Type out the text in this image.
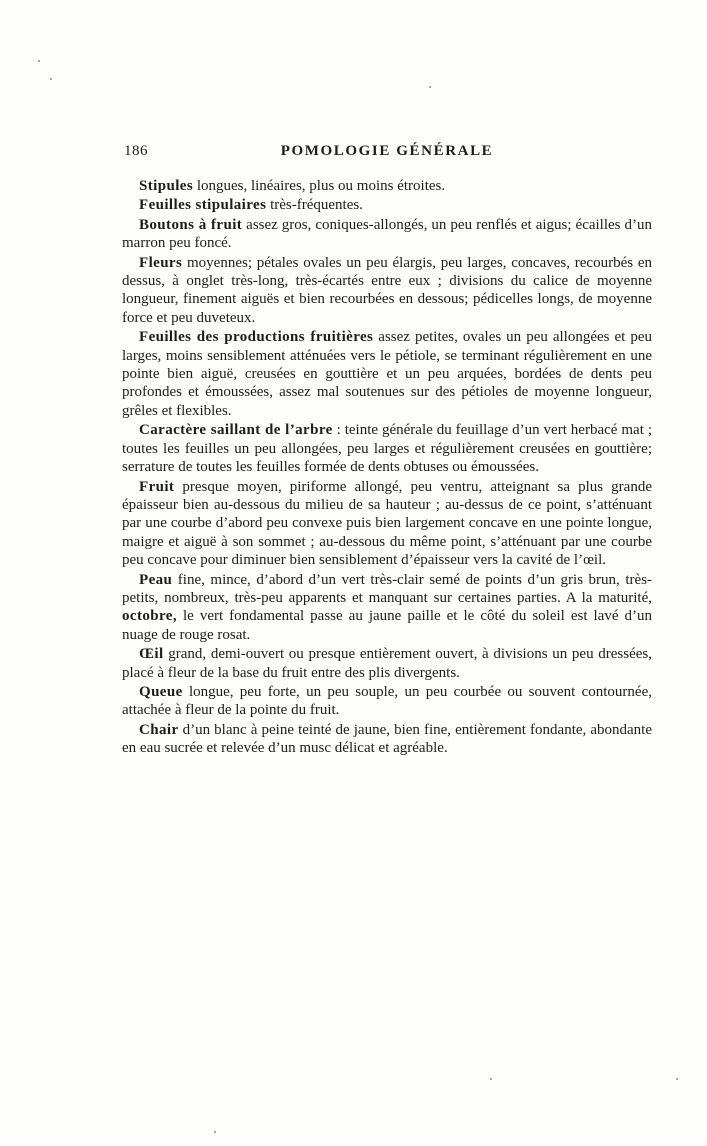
186	POMOLOGIE GÉNÉRALE

Stipules longues, linéaires, plus ou moins étroites.

Feuilles stipulaires très-fréquentes.

Boutons à fruit assez gros, coniques-allongés, un peu renflés et aigus; écailles d’un marron peu foncé.

Fleurs moyennes; pétales ovales un peu élargis, peu larges, concaves, recourbés en dessus, à onglet très-long, très-écartés entre eux ; divisions du calice de moyenne longueur, finement aiguës et bien recourbées en dessous; pédicelles longs, de moyenne force et peu duveteux.

Feuilles des productions fruitières assez petites, ovales un peu allongées et peu larges, moins sensiblement atténuées vers le pétiole, se terminant régulièrement en une pointe bien aiguë, creusées en gouttière et un peu arquées, bordées de dents peu profondes et émoussées, assez mal soutenues sur des pétioles de moyenne longueur, grêles et flexibles.

Caractère saillant de l’arbre : teinte générale du feuillage d’un vert herbacé mat ; toutes les feuilles un peu allongées, peu larges et régulièrement creusées en gouttière; serrature de toutes les feuilles formée de dents obtuses ou émoussées.

Fruit presque moyen, piriforme allongé, peu ventru, atteignant sa plus grande épaisseur bien au-dessous du milieu de sa hauteur ; au-dessus de ce point, s’atténuant par une courbe d’abord peu convexe puis bien largement concave en une pointe longue, maigre et aiguë à son sommet ; au-dessous du même point, s’atténuant par une courbe peu concave pour diminuer bien sensiblement d’épaisseur vers la cavité de l’œil.

Peau fine, mince, d’abord d’un vert très-clair semé de points d’un gris brun, très-petits, nombreux, très-peu apparents et manquant sur certaines parties. A la maturité, octobre, le vert fondamental passe au jaune paille et le côté du soleil est lavé d’un nuage de rouge rosat.

Œil grand, demi-ouvert ou presque entièrement ouvert, à divisions un peu dressées, placé à fleur de la base du fruit entre des plis divergents.

Queue longue, peu forte, un peu souple, un peu courbée ou souvent contournée, attachée à fleur de la pointe du fruit.

Chair d’un blanc à peine teinté de jaune, bien fine, entièrement fondante, abondante en eau sucrée et relevée d’un musc délicat et agréable.
